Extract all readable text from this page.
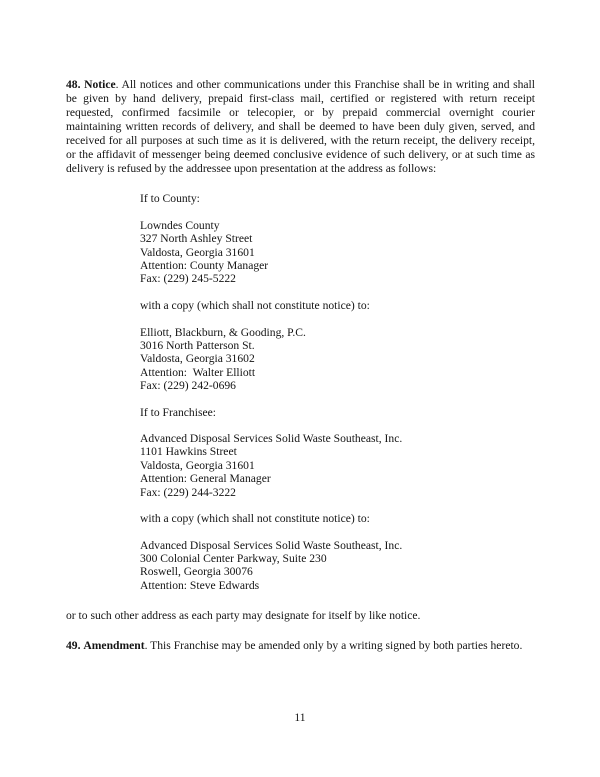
48. Notice. All notices and other communications under this Franchise shall be in writing and shall be given by hand delivery, prepaid first-class mail, certified or registered with return receipt requested, confirmed facsimile or telecopier, or by prepaid commercial overnight courier maintaining written records of delivery, and shall be deemed to have been duly given, served, and received for all purposes at such time as it is delivered, with the return receipt, the delivery receipt, or the affidavit of messenger being deemed conclusive evidence of such delivery, or at such time as delivery is refused by the addressee upon presentation at the address as follows:

If to County:

Lowndes County
327 North Ashley Street
Valdosta, Georgia 31601
Attention: County Manager
Fax: (229) 245-5222

with a copy (which shall not constitute notice) to:

Elliott, Blackburn, & Gooding, P.C.
3016 North Patterson St.
Valdosta, Georgia 31602
Attention:  Walter Elliott
Fax: (229) 242-0696

If to Franchisee:

Advanced Disposal Services Solid Waste Southeast, Inc.
1101 Hawkins Street
Valdosta, Georgia 31601
Attention: General Manager
Fax: (229) 244-3222

with a copy (which shall not constitute notice) to:

Advanced Disposal Services Solid Waste Southeast, Inc.
300 Colonial Center Parkway, Suite 230
Roswell, Georgia 30076
Attention: Steve Edwards

or to such other address as each party may designate for itself by like notice.

49. Amendment. This Franchise may be amended only by a writing signed by both parties hereto.

11
